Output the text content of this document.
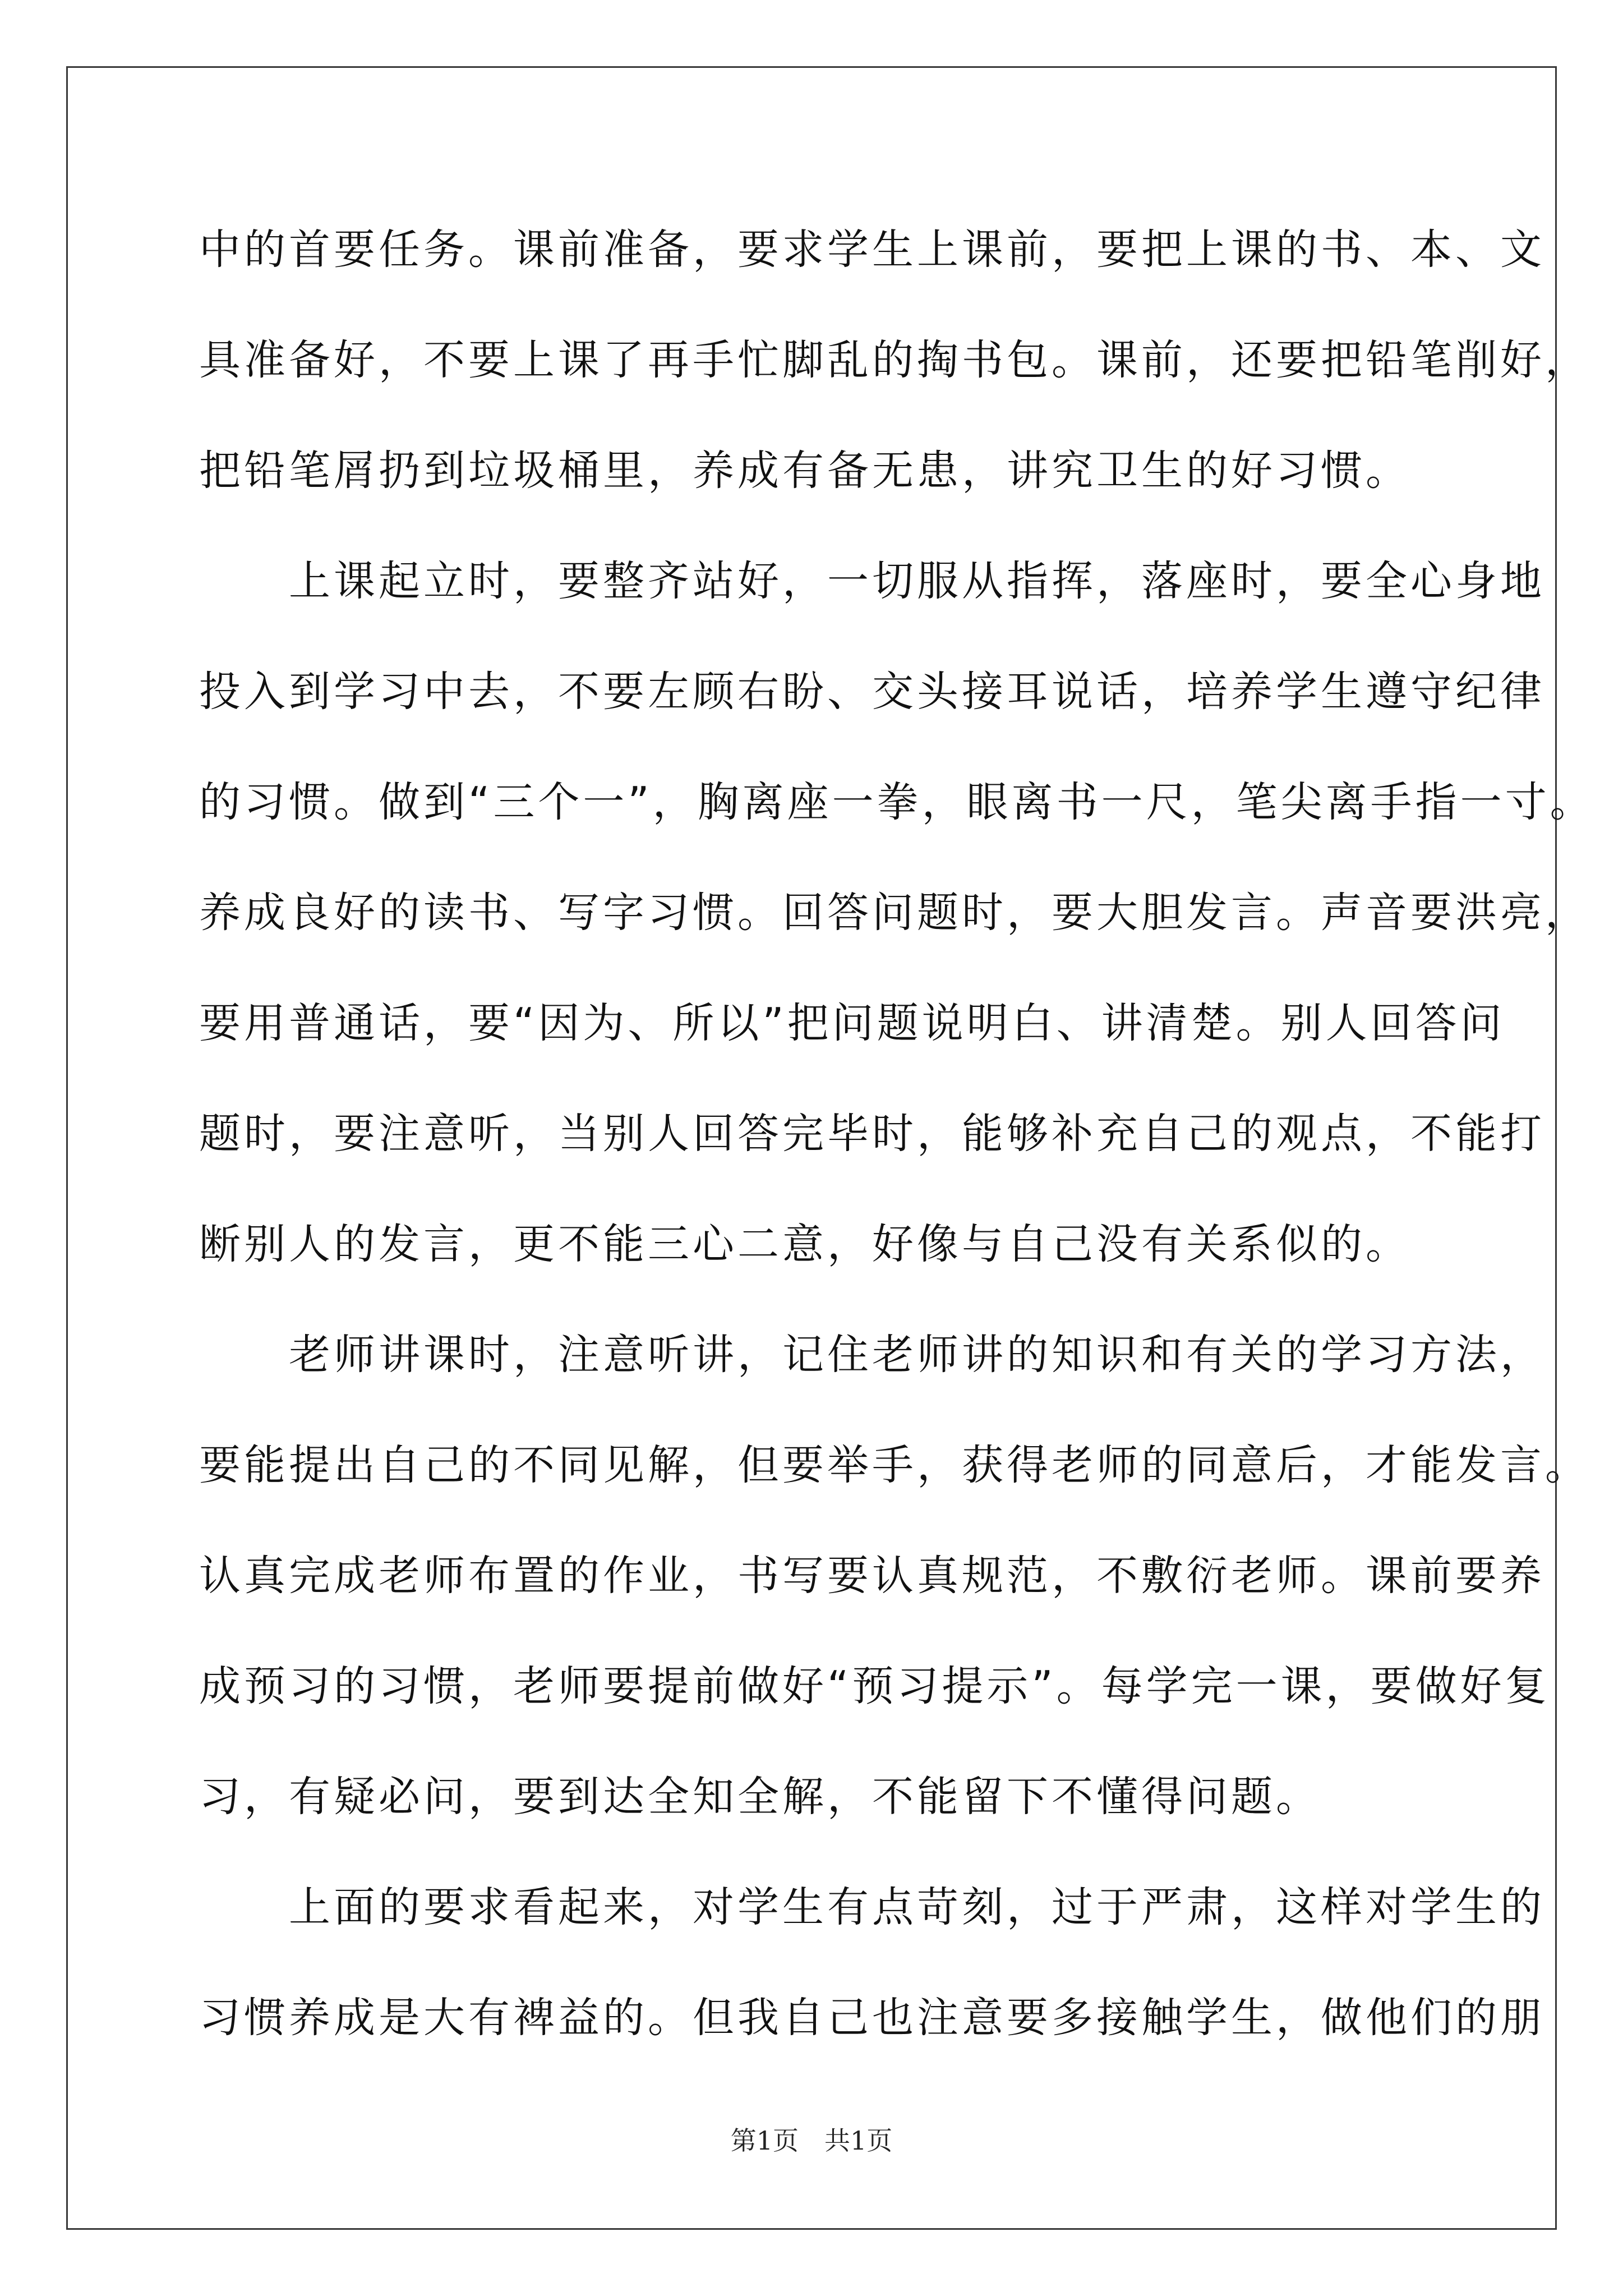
中的首要任务。课前准备，要求学生上课前，要把上课的书、本、文
具准备好，不要上课了再手忙脚乱的掏书包。课前，还要把铅笔削好，
把铅笔屑扔到垃圾桶里，养成有备无患，讲究卫生的好习惯。
　　上课起立时，要整齐站好，一切服从指挥，落座时，要全心身地
投入到学习中去，不要左顾右盼、交头接耳说话，培养学生遵守纪律
的习惯。做到“三个一”，胸离座一拳，眼离书一尺，笔尖离手指一寸。
养成良好的读书、写字习惯。回答问题时，要大胆发言。声音要洪亮，
要用普通话，要“因为、所以”把问题说明白、讲清楚。别人回答问
题时，要注意听，当别人回答完毕时，能够补充自己的观点，不能打
断别人的发言，更不能三心二意，好像与自己没有关系似的。
　　老师讲课时，注意听讲，记住老师讲的知识和有关的学习方法，
要能提出自己的不同见解，但要举手，获得老师的同意后，才能发言。
认真完成老师布置的作业，书写要认真规范，不敷衍老师。课前要养
成预习的习惯，老师要提前做好“预习提示”。每学完一课，要做好复
习，有疑必问，要到达全知全解，不能留下不懂得问题。
　　上面的要求看起来，对学生有点苛刻，过于严肃，这样对学生的
习惯养成是大有裨益的。但我自己也注意要多接触学生，做他们的朋
第1页　共1页
